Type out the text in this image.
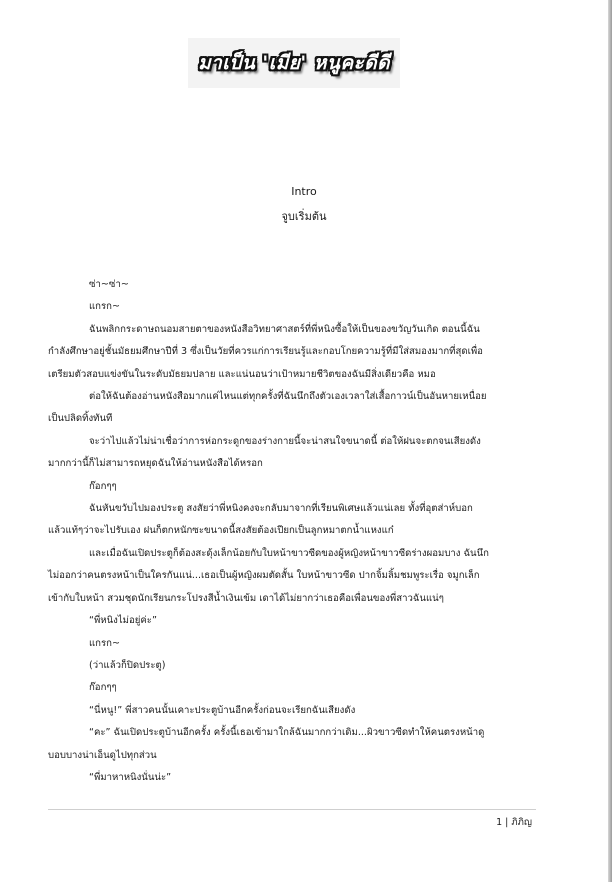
มาเป็น 'เมีย' หนูคะดีดี
Intro
จูบเริ่มต้น

ซ่า~ซ่า~

แกรก~

ฉันพลิกกระดาษถนอมสายตาของหนังสือวิทยาศาสตร์ที่พี่หนิงซื้อให้เป็นของขวัญวันเกิด ตอนนี้ฉัน

กำลังศึกษาอยู่ชั้นมัธยมศึกษาปีที่ 3 ซึ่งเป็นวัยที่ควรแก่การเรียนรู้และกอบโกยความรู้ที่มีใส่สมองมากที่สุดเพื่อ

เตรียมตัวสอบแข่งขันในระดับมัธยมปลาย และแน่นอนว่าเป้าหมายชีวิตของฉันมีสิ่งเดียวคือ หมอ

ต่อให้ฉันต้องอ่านหนังสือมากแค่ไหนแต่ทุกครั้งที่ฉันนึกถึงตัวเองเวลาใส่เสื้อกาวน์เป็นอันหายเหนื่อย

เป็นปลิดทิ้งทันที

จะว่าไปแล้วไม่น่าเชื่อว่าการห่อกระดูกของร่างกายนี้จะน่าสนใจขนาดนี้ ต่อให้ฝนจะตกจนเสียงดัง

มากกว่านี้ก็ไม่สามารถหยุดฉันให้อ่านหนังสือได้หรอก

ก๊อกๆๆ

ฉันหันขวับไปมองประตู สงสัยว่าพี่หนิงคงจะกลับมาจากที่เรียนพิเศษแล้วแน่เลย ทั้งที่อุตส่าห์บอก

แล้วแท้ๆว่าจะไปรับเอง ฝนก็ตกหนักซะขนาดนี้สงสัยต้องเปียกเป็นลูกหมาตกน้ำแหงแก๋

และเมื่อฉันเปิดประตูก็ต้องสะดุ้งเล็กน้อยกับใบหน้าขาวซีดของผู้หญิงหน้าขาวซีดร่างผอมบาง ฉันนึก

ไม่ออกว่าคนตรงหน้าเป็นใครกันแน่...เธอเป็นผู้หญิงผมตัดสั้น ใบหน้าขาวซีด ปากจิ้มลิ้มชมพูระเรื่อ จมูกเล็ก

เข้ากับใบหน้า สวมชุดนักเรียนกระโปรงสีน้ำเงินเข้ม เดาได้ไม่ยากว่าเธอคือเพื่อนของพี่สาวฉันแน่ๆ

“พี่หนิงไม่อยู่ค่ะ”

แกรก~

(ว่าแล้วก็ปิดประตู)

ก๊อกๆๆ

“นี่หนู!” พี่สาวคนนั้นเคาะประตูบ้านอีกครั้งก่อนจะเรียกฉันเสียงดัง

“คะ” ฉันเปิดประตูบ้านอีกครั้ง ครั้งนี้เธอเข้ามาใกล้ฉันมากกว่าเดิม...ผิวขาวซีดทำให้คนตรงหน้าดู

บอบบางน่าเอ็นดูไปทุกส่วน

“พี่มาหาหนิงนั่นน่ะ”

1 | ภิภิญ
